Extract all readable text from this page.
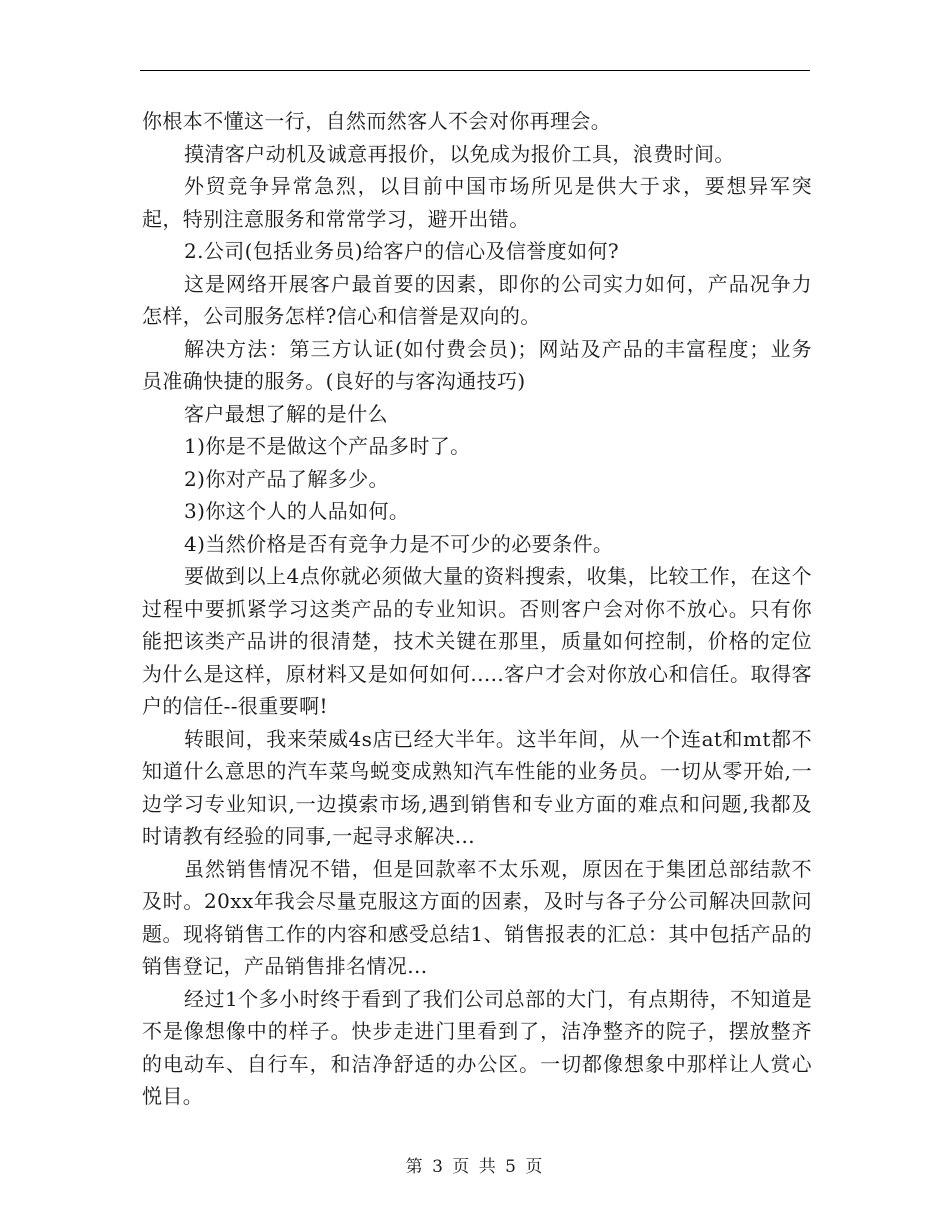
你根本不懂这一行，自然而然客人不会对你再理会。

摸清客户动机及诚意再报价，以免成为报价工具，浪费时间。

外贸竞争异常急烈，以目前中国市场所见是供大于求，要想异军突起，特别注意服务和常常学习，避开出错。

2.公司(包括业务员)给客户的信心及信誉度如何?

这是网络开展客户最首要的因素，即你的公司实力如何，产品况争力怎样，公司服务怎样?信心和信誉是双向的。

解决方法：第三方认证(如付费会员)；网站及产品的丰富程度；业务员准确快捷的服务。(良好的与客沟通技巧)

客户最想了解的是什么

1)你是不是做这个产品多时了。

2)你对产品了解多少。

3)你这个人的人品如何。

4)当然价格是否有竞争力是不可少的必要条件。

要做到以上4点你就必须做大量的资料搜索，收集，比较工作，在这个过程中要抓紧学习这类产品的专业知识。否则客户会对你不放心。只有你能把该类产品讲的很清楚，技术关键在那里，质量如何控制，价格的定位为什么是这样，原材料又是如何如何.....客户才会对你放心和信任。取得客户的信任--很重要啊!

转眼间，我来荣威4s店已经大半年。这半年间，从一个连at和mt都不知道什么意思的汽车菜鸟蜕变成熟知汽车性能的业务员。一切从零开始,一边学习专业知识,一边摸索市场,遇到销售和专业方面的难点和问题,我都及时请教有经验的同事,一起寻求解决...

虽然销售情况不错，但是回款率不太乐观，原因在于集团总部结款不及时。20xx年我会尽量克服这方面的因素，及时与各子分公司解决回款问题。现将销售工作的内容和感受总结1、销售报表的汇总：其中包括产品的销售登记，产品销售排名情况...

经过1个多小时终于看到了我们公司总部的大门，有点期待，不知道是不是像想像中的样子。快步走进门里看到了，洁净整齐的院子，摆放整齐的电动车、自行车，和洁净舒适的办公区。一切都像想象中那样让人赏心悦目。

第 3 页 共 5 页
